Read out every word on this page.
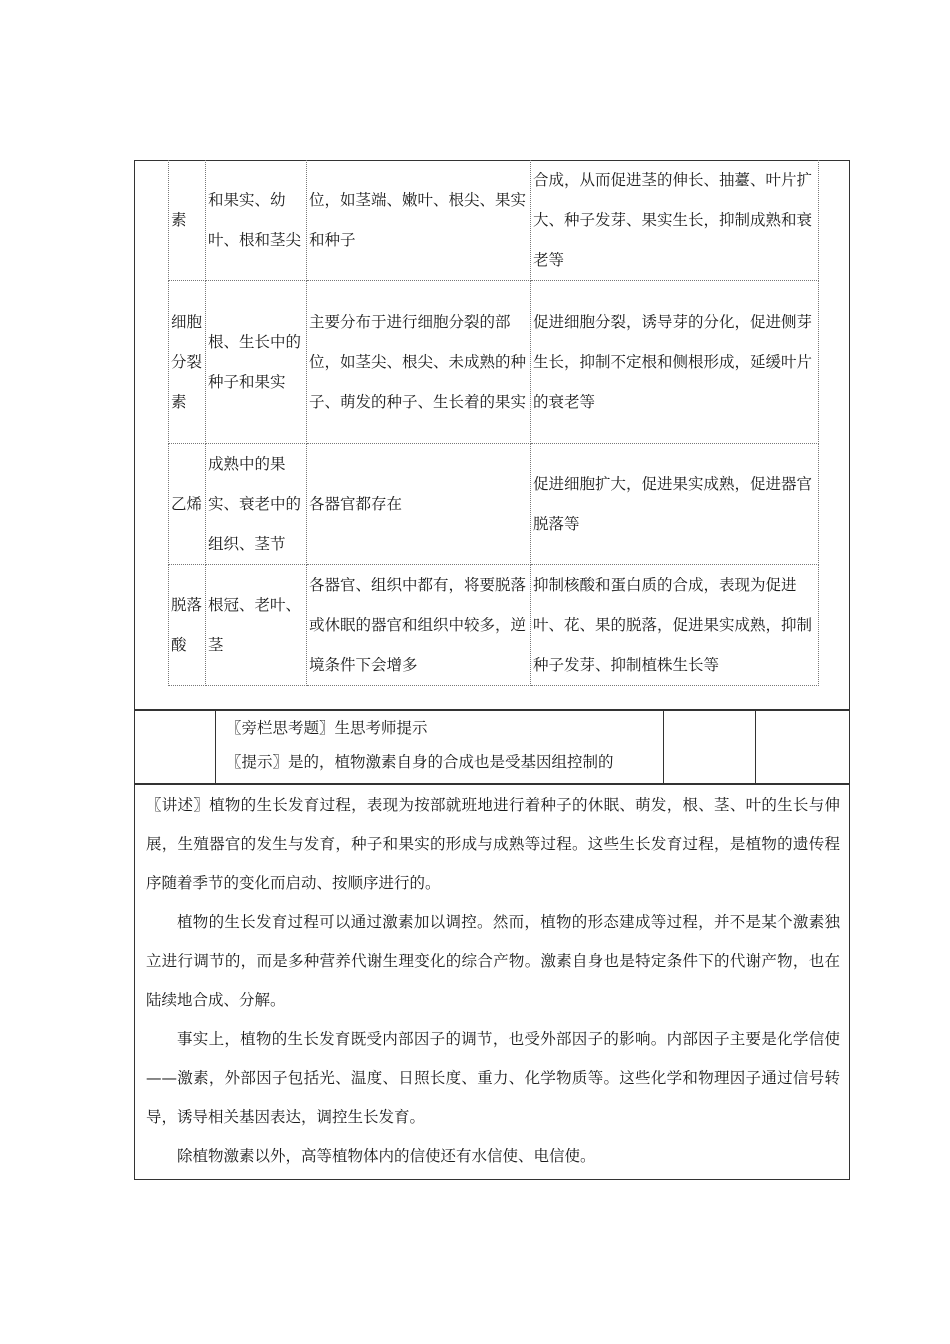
素	和果实、幼叶、根和茎尖	位，如茎端、嫩叶、根尖、果实和种子	合成，从而促进茎的伸长、抽薹、叶片扩大、种子发芽、果实生长，抑制成熟和衰老等
细胞分裂素	根、生长中的种子和果实	主要分布于进行细胞分裂的部位，如茎尖、根尖、未成熟的种子、萌发的种子、生长着的果实	促进细胞分裂，诱导芽的分化，促进侧芽生长，抑制不定根和侧根形成，延缓叶片的衰老等
乙烯	成熟中的果实、衰老中的组织、茎节	各器官都存在	促进细胞扩大，促进果实成熟，促进器官脱落等
脱落酸	根冠、老叶、茎	各器官、组织中都有，将要脱落或休眠的器官和组织中较多，逆境条件下会增多	抑制核酸和蛋白质的合成，表现为促进叶、花、果的脱落，促进果实成熟，抑制种子发芽、抑制植株生长等
〖旁栏思考题〗生思考师提示
〖提示〗是的，植物激素自身的合成也是受基因组控制的
〖讲述〗植物的生长发育过程，表现为按部就班地进行着种子的休眠、萌发，根、茎、叶的生长与伸展，生殖器官的发生与发育，种子和果实的形成与成熟等过程。这些生长发育过程，是植物的遗传程序随着季节的变化而启动、按顺序进行的。
植物的生长发育过程可以通过激素加以调控。然而，植物的形态建成等过程，并不是某个激素独立进行调节的，而是多种营养代谢生理变化的综合产物。激素自身也是特定条件下的代谢产物，也在陆续地合成、分解。
事实上，植物的生长发育既受内部因子的调节，也受外部因子的影响。内部因子主要是化学信使——激素，外部因子包括光、温度、日照长度、重力、化学物质等。这些化学和物理因子通过信号转导，诱导相关基因表达，调控生长发育。
除植物激素以外，高等植物体内的信使还有水信使、电信使。
